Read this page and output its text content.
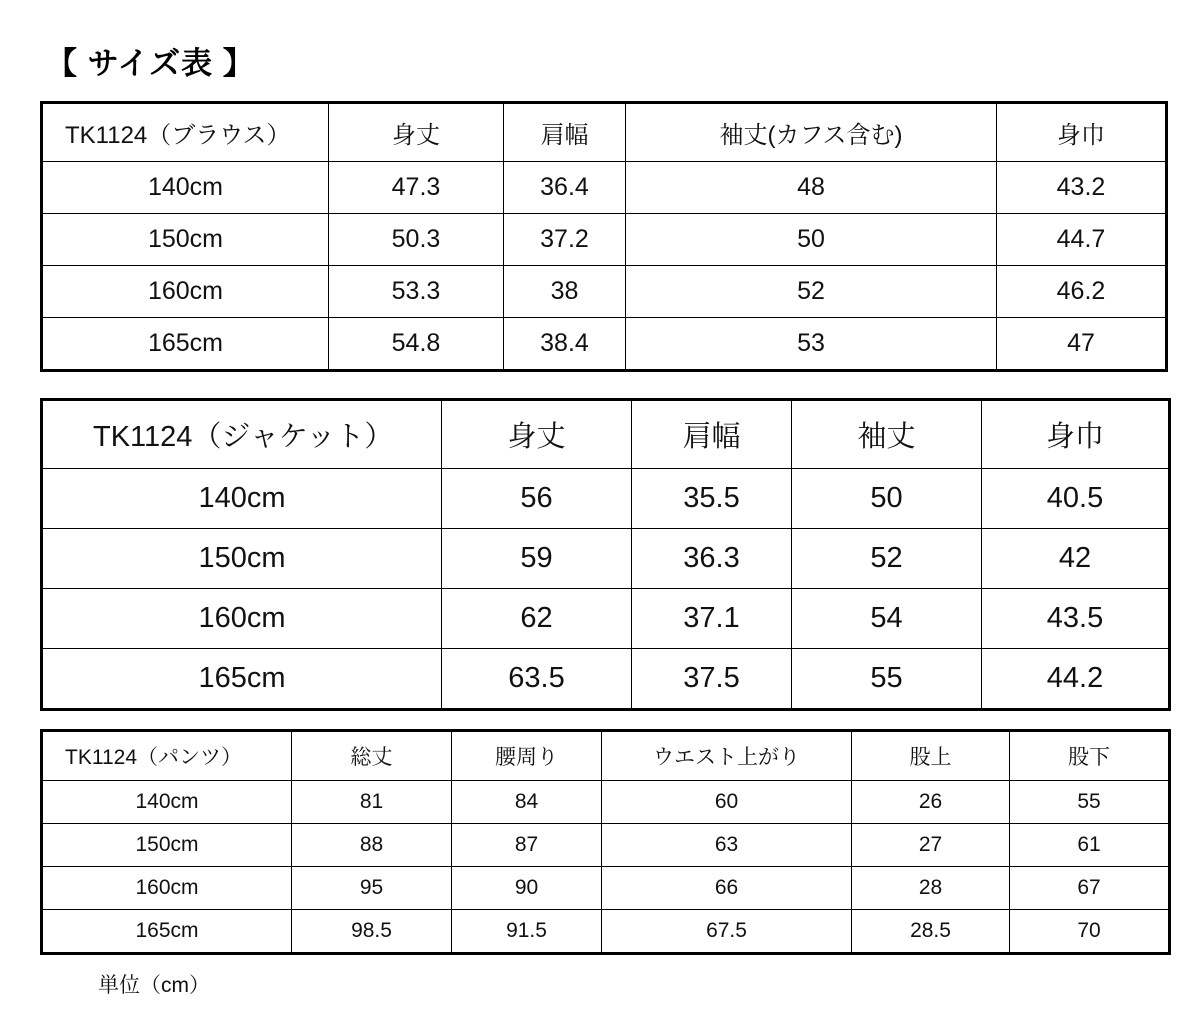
【 サイズ表 】
TK1124（ブラウス）	身丈	肩幅	袖丈(カフス含む)	身巾
140cm	47.3	36.4	48	43.2
150cm	50.3	37.2	50	44.7
160cm	53.3	38	52	46.2
165cm	54.8	38.4	53	47
TK1124（ジャケット）	身丈	肩幅	袖丈	身巾
140cm	56	35.5	50	40.5
150cm	59	36.3	52	42
160cm	62	37.1	54	43.5
165cm	63.5	37.5	55	44.2
TK1124（パンツ）	総丈	腰周り	ウエスト上がり	股上	股下
140cm	81	84	60	26	55
150cm	88	87	63	27	61
160cm	95	90	66	28	67
165cm	98.5	91.5	67.5	28.5	70
単位（cm）
